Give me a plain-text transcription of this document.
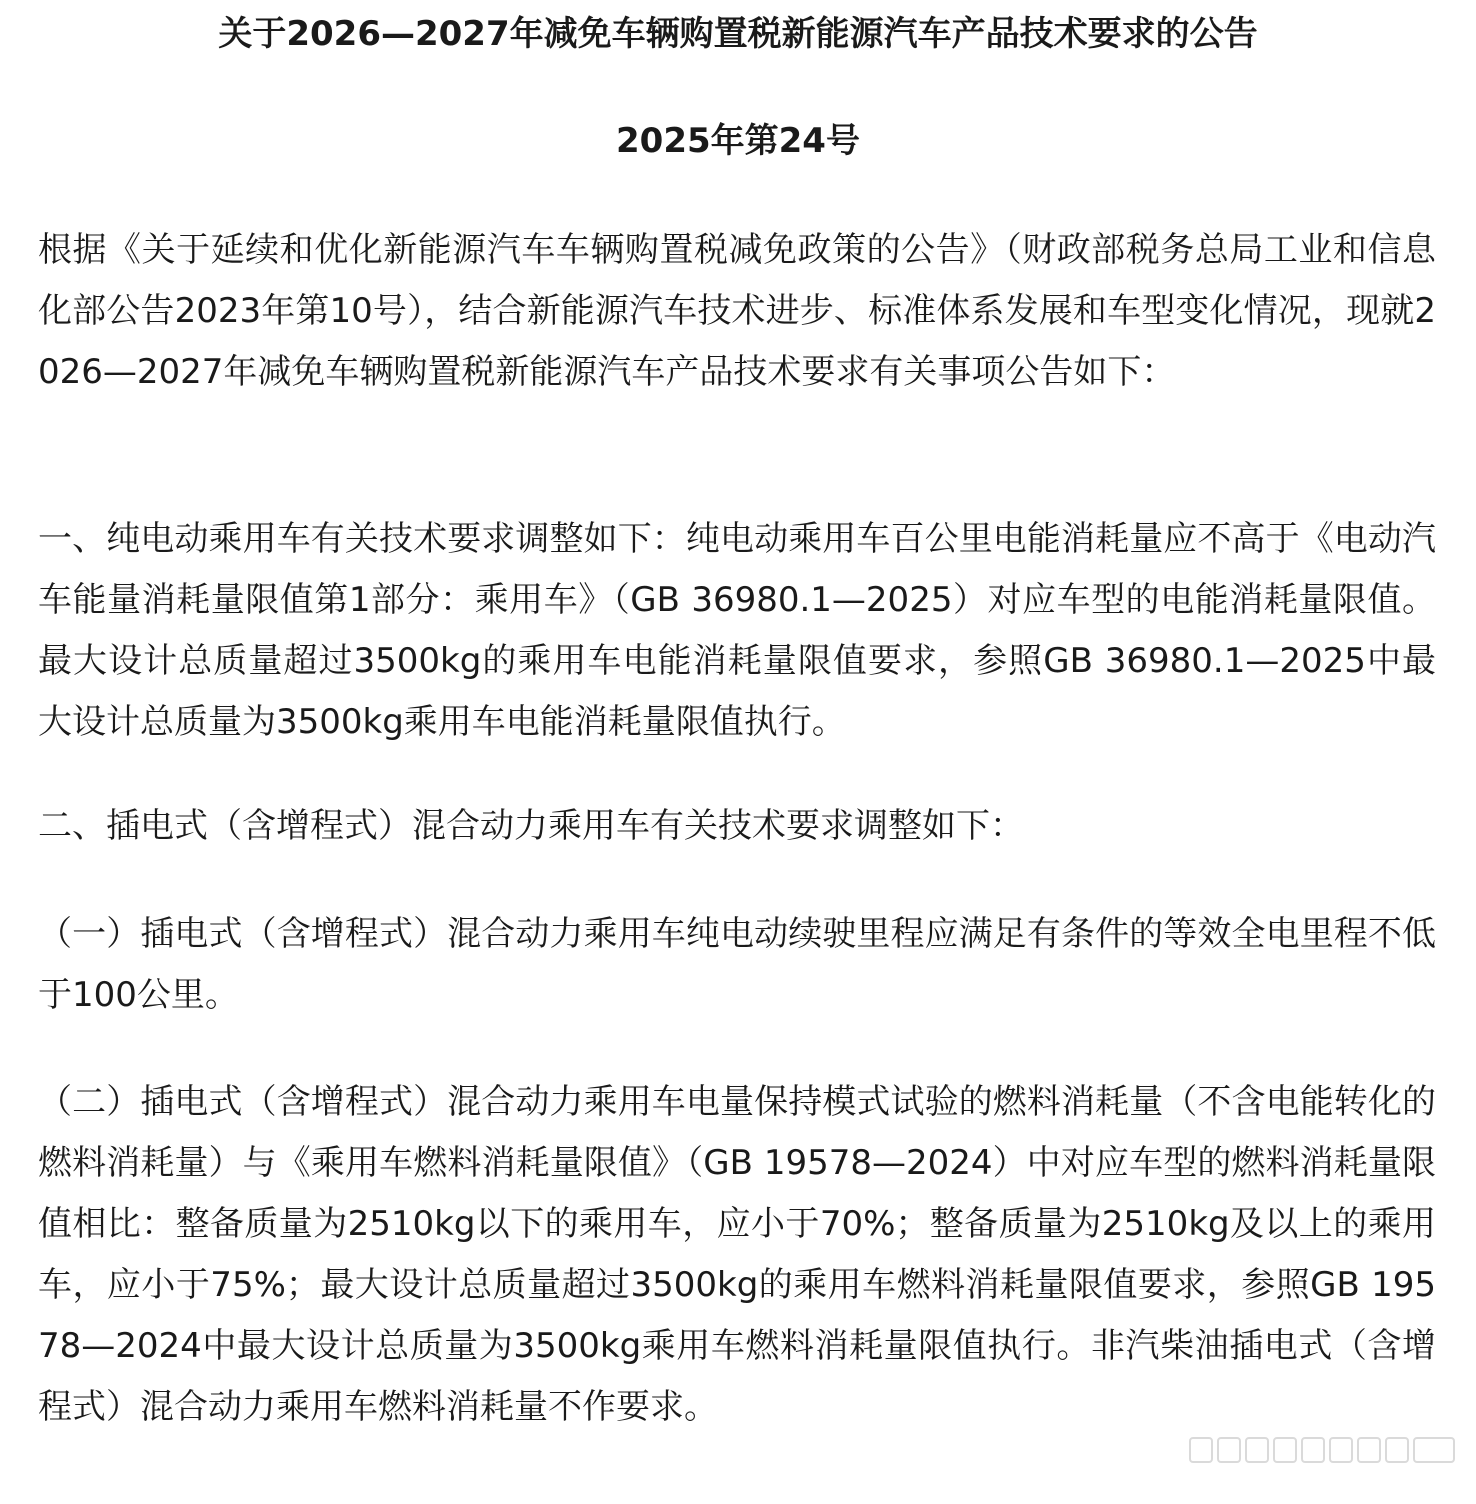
关于2026—2027年减免车辆购置税新能源汽车产品技术要求的公告
2025年第24号

根据《关于延续和优化新能源汽车车辆购置税减免政策的公告》（财政部税务总局工业和信息化部公告2023年第10号），结合新能源汽车技术进步、标准体系发展和车型变化情况，现就2026—2027年减免车辆购置税新能源汽车产品技术要求有关事项公告如下：

一、纯电动乘用车有关技术要求调整如下：纯电动乘用车百公里电能消耗量应不高于《电动汽车能量消耗量限值第1部分：乘用车》（GB 36980.1—2025）对应车型的电能消耗量限值。最大设计总质量超过3500kg的乘用车电能消耗量限值要求，参照GB 36980.1—2025中最大设计总质量为3500kg乘用车电能消耗量限值执行。

二、插电式（含增程式）混合动力乘用车有关技术要求调整如下：

（一）插电式（含增程式）混合动力乘用车纯电动续驶里程应满足有条件的等效全电里程不低于100公里。

（二）插电式（含增程式）混合动力乘用车电量保持模式试验的燃料消耗量（不含电能转化的燃料消耗量）与《乘用车燃料消耗量限值》（GB 19578—2024）中对应车型的燃料消耗量限值相比：整备质量为2510kg以下的乘用车，应小于70%；整备质量为2510kg及以上的乘用车，应小于75%；最大设计总质量超过3500kg的乘用车燃料消耗量限值要求，参照GB 19578—2024中最大设计总质量为3500kg乘用车燃料消耗量限值执行。非汽柴油插电式（含增程式）混合动力乘用车燃料消耗量不作要求。
